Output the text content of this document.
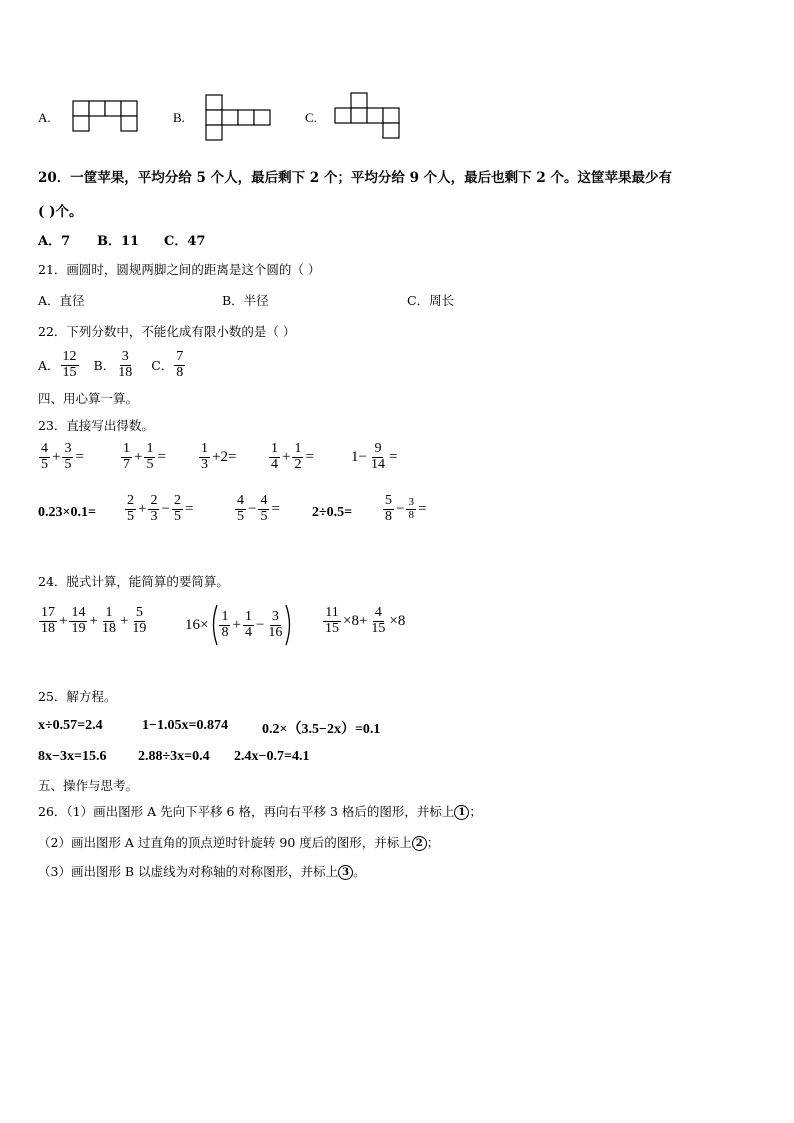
A.	B.	C.
20．一筐苹果，平均分给 5 个人，最后剩下 2 个；平均分给 9 个人，最后也剩下 2 个。这筐苹果最少有
( )个。
A．7 B．11 C．47
21．画圆时，圆规两脚之间的距离是这个圆的（ ）
A．直径	B．半径	C．周长
22．下列分数中，不能化成有限小数的是（ ）
A． $\frac{12}{15}$ B． $\frac{3}{18}$ C． $\frac{7}{8}$
四、用心算一算。
23．直接写出得数。
$\frac{4}{5} + \frac{3}{5}$ =	$\frac{1}{7} + \frac{1}{5} = \frac{1}{3} +2= \frac{1}{4} + \frac{1}{2} = 1- \frac{9}{14}$ =
$0.23\times 0.1= \frac{2}{5} + \frac{2}{3} - \frac{2}{5}$ =	$\frac{4}{5} - \frac{4}{5} = 2\div 0.5= \frac{5}{8} - \frac{3}{8}$ =
24．脱式计算，能简算的要简算。
$\frac{17}{18} + \frac{14}{19} + \frac{1}{18} + \frac{5}{19} 16\times \frac{1}{8} + \frac{1}{4} - \frac{3}{16}$	$\frac{11}{15} \times 8+ \frac{4}{15} \times 8$
25．解方程。
x÷0.57=2.4	1−1.05x=0.874 0.2×（3.5−2x）=0.1
8x−3x=15.6 2.88÷3x=0.4 2.4x−0.7=4.1
五、操作与思考。
26．（1）画出图形 A 先向下平移 6 格，再向右平移 3 格后的图形，并标上 1 ；
（2）画出图形 A 过直角的顶点逆时针旋转 90 度后的图形，并标上 2 ；
（3）画出图形 B 以虚线为对称轴的对称图形，并标上 3 。
